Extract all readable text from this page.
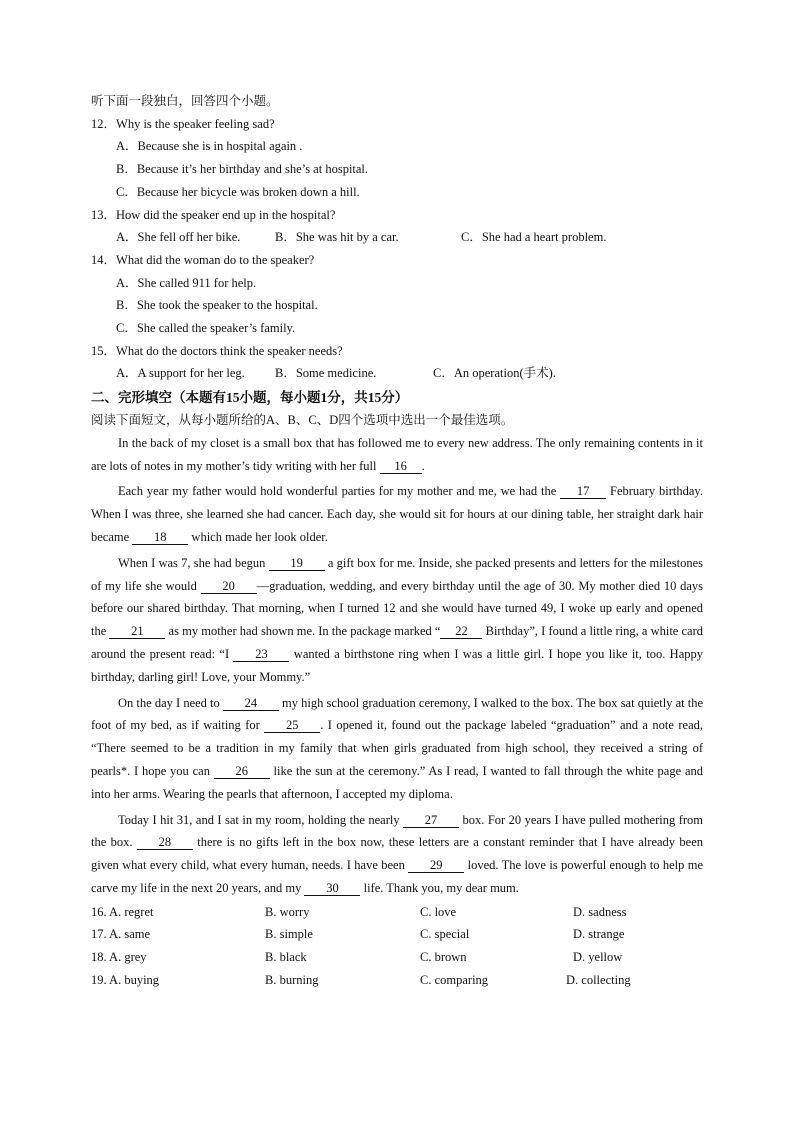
听下面一段独白，回答四个小题。
12．Why is the speaker feeling sad?
A．Because she is in hospital again .
B．Because it’s her birthday and she’s at hospital.
C．Because her bicycle was broken down a hill.
13．How did the speaker end up in the hospital?
A．She fell off her bike.	B．She was hit by a car.	C．She had a heart problem.
14．What did the woman do to the speaker?
A．She called 911 for help.
B．She took the speaker to the hospital.
C．She called the speaker’s family.
15．What do the doctors think the speaker needs?
A．A support for her leg.	B．Some medicine.	C．An operation(手术).
二、完形填空（本题有15小题，每小题1分，共15分）
阅读下面短文，从每小题所给的A、B、C、D四个选项中选出一个最佳选项。

In the back of my closet is a small box that has followed me to every new address. The only remaining contents in it are lots of notes in my mother’s tidy writing with her full 16 .

Each year my father would hold wonderful parties for my mother and me, we had the 17 February birthday. When I was three, she learned she had cancer. Each day, she would sit for hours at our dining table, her straight dark hair became 18 which made her look older.

When I was 7, she had begun 19 a gift box for me. Inside, she packed presents and letters for the milestones of my life she would 20 —graduation, wedding, and every birthday until the age of 30. My mother died 10 days before our shared birthday. That morning, when I turned 12 and she would have turned 49, I woke up early and opened the 21 as my mother had shown me. In the package marked “ 22 Birthday”, I found a little ring, a white card around the present read: “I 23 wanted a birthstone ring when I was a little girl. I hope you like it, too. Happy birthday, darling girl! Love, your Mommy.”

On the day I need to 24 my high school graduation ceremony, I walked to the box. The box sat quietly at the foot of my bed, as if waiting for 25 . I opened it, found out the package labeled “graduation” and a note read, “There seemed to be a tradition in my family that when girls graduated from high school, they received a string of pearls*. I hope you can 26 like the sun at the ceremony.” As I read, I wanted to fall through the white page and into her arms. Wearing the pearls that afternoon, I accepted my diploma.

Today I hit 31, and I sat in my room, holding the nearly 27 box. For 20 years I have pulled mothering from the box. 28 there is no gifts left in the box now, these letters are a constant reminder that I have already been given what every child, what every human, needs. I have been 29 loved. The love is powerful enough to help me carve my life in the next 20 years, and my 30 life. Thank you, my dear mum.

16. A. regret	B. worry	C. love	D. sadness
17. A. same	B. simple	C. special	D. strange
18. A. grey	B. black	C. brown	D. yellow
19. A. buying	B. burning	C. comparing	D. collecting
